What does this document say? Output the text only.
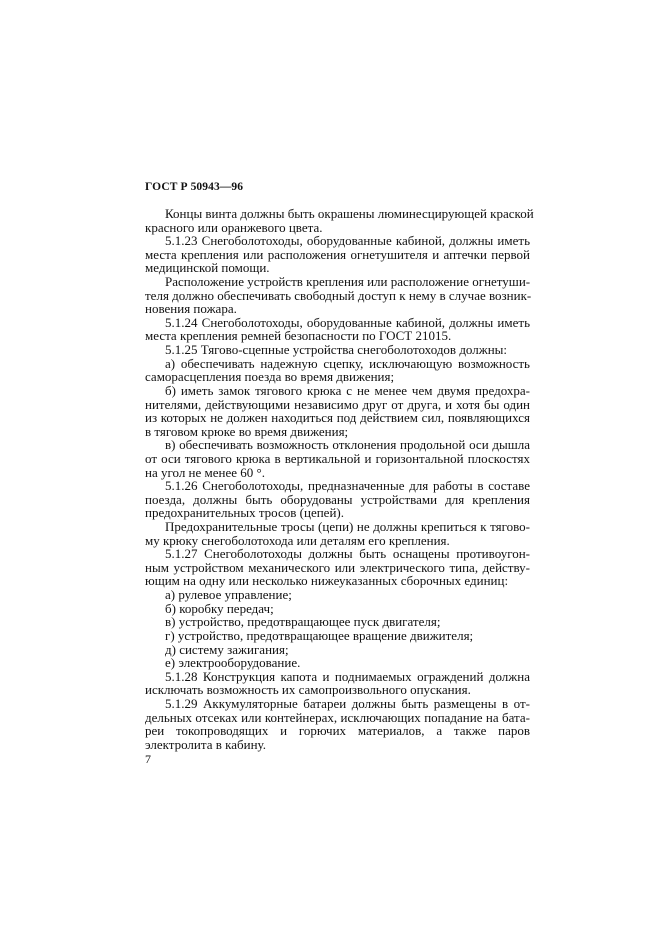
ГОСТ Р 50943—96
Концы винта должны быть окрашены люминесцирующей краской
красного или оранжевого цвета.
5.1.23 Снегоболотоходы, оборудованные кабиной, должны иметь
места крепления или расположения огнетушителя и аптечки первой
медицинской помощи.
Расположение устройств крепления или расположение огнетуши-
теля должно обеспечивать свободный доступ к нему в случае возник-
новения пожара.
5.1.24 Снегоболотоходы, оборудованные кабиной, должны иметь
места крепления ремней безопасности по ГОСТ 21015.
5.1.25 Тягово-сцепные устройства снегоболотоходов должны:
а) обеспечивать надежную сцепку, исключающую возможность
саморасцепления поезда во время движения;
б) иметь замок тягового крюка с не менее чем двумя предохра-
нителями, действующими независимо друг от друга, и хотя бы один
из которых не должен находиться под действием сил, появляющихся
в тяговом крюке во время движения;
в) обеспечивать возможность отклонения продольной оси дышла
от оси тягового крюка в вертикальной и горизонтальной плоскостях
на угол не менее 60 °.
5.1.26 Снегоболотоходы, предназначенные для работы в составе
поезда, должны быть оборудованы устройствами для крепления
предохранительных тросов (цепей).
Предохранительные тросы (цепи) не должны крепиться к тягово-
му крюку снегоболотохода или деталям его крепления.
5.1.27 Снегоболотоходы должны быть оснащены противоугон-
ным устройством механического или электрического типа, действу-
ющим на одну или несколько нижеуказанных сборочных единиц:
а) рулевое управление;
б) коробку передач;
в) устройство, предотвращающее пуск двигателя;
г) устройство, предотвращающее вращение движителя;
д) систему зажигания;
е) электрооборудование.
5.1.28 Конструкция капота и поднимаемых ограждений должна
исключать возможность их самопроизвольного опускания.
5.1.29 Аккумуляторные батареи должны быть размещены в от-
дельных отсеках или контейнерах, исключающих попадание на бата-
реи токопроводящих и горючих материалов, а также паров
электролита в кабину.
7
